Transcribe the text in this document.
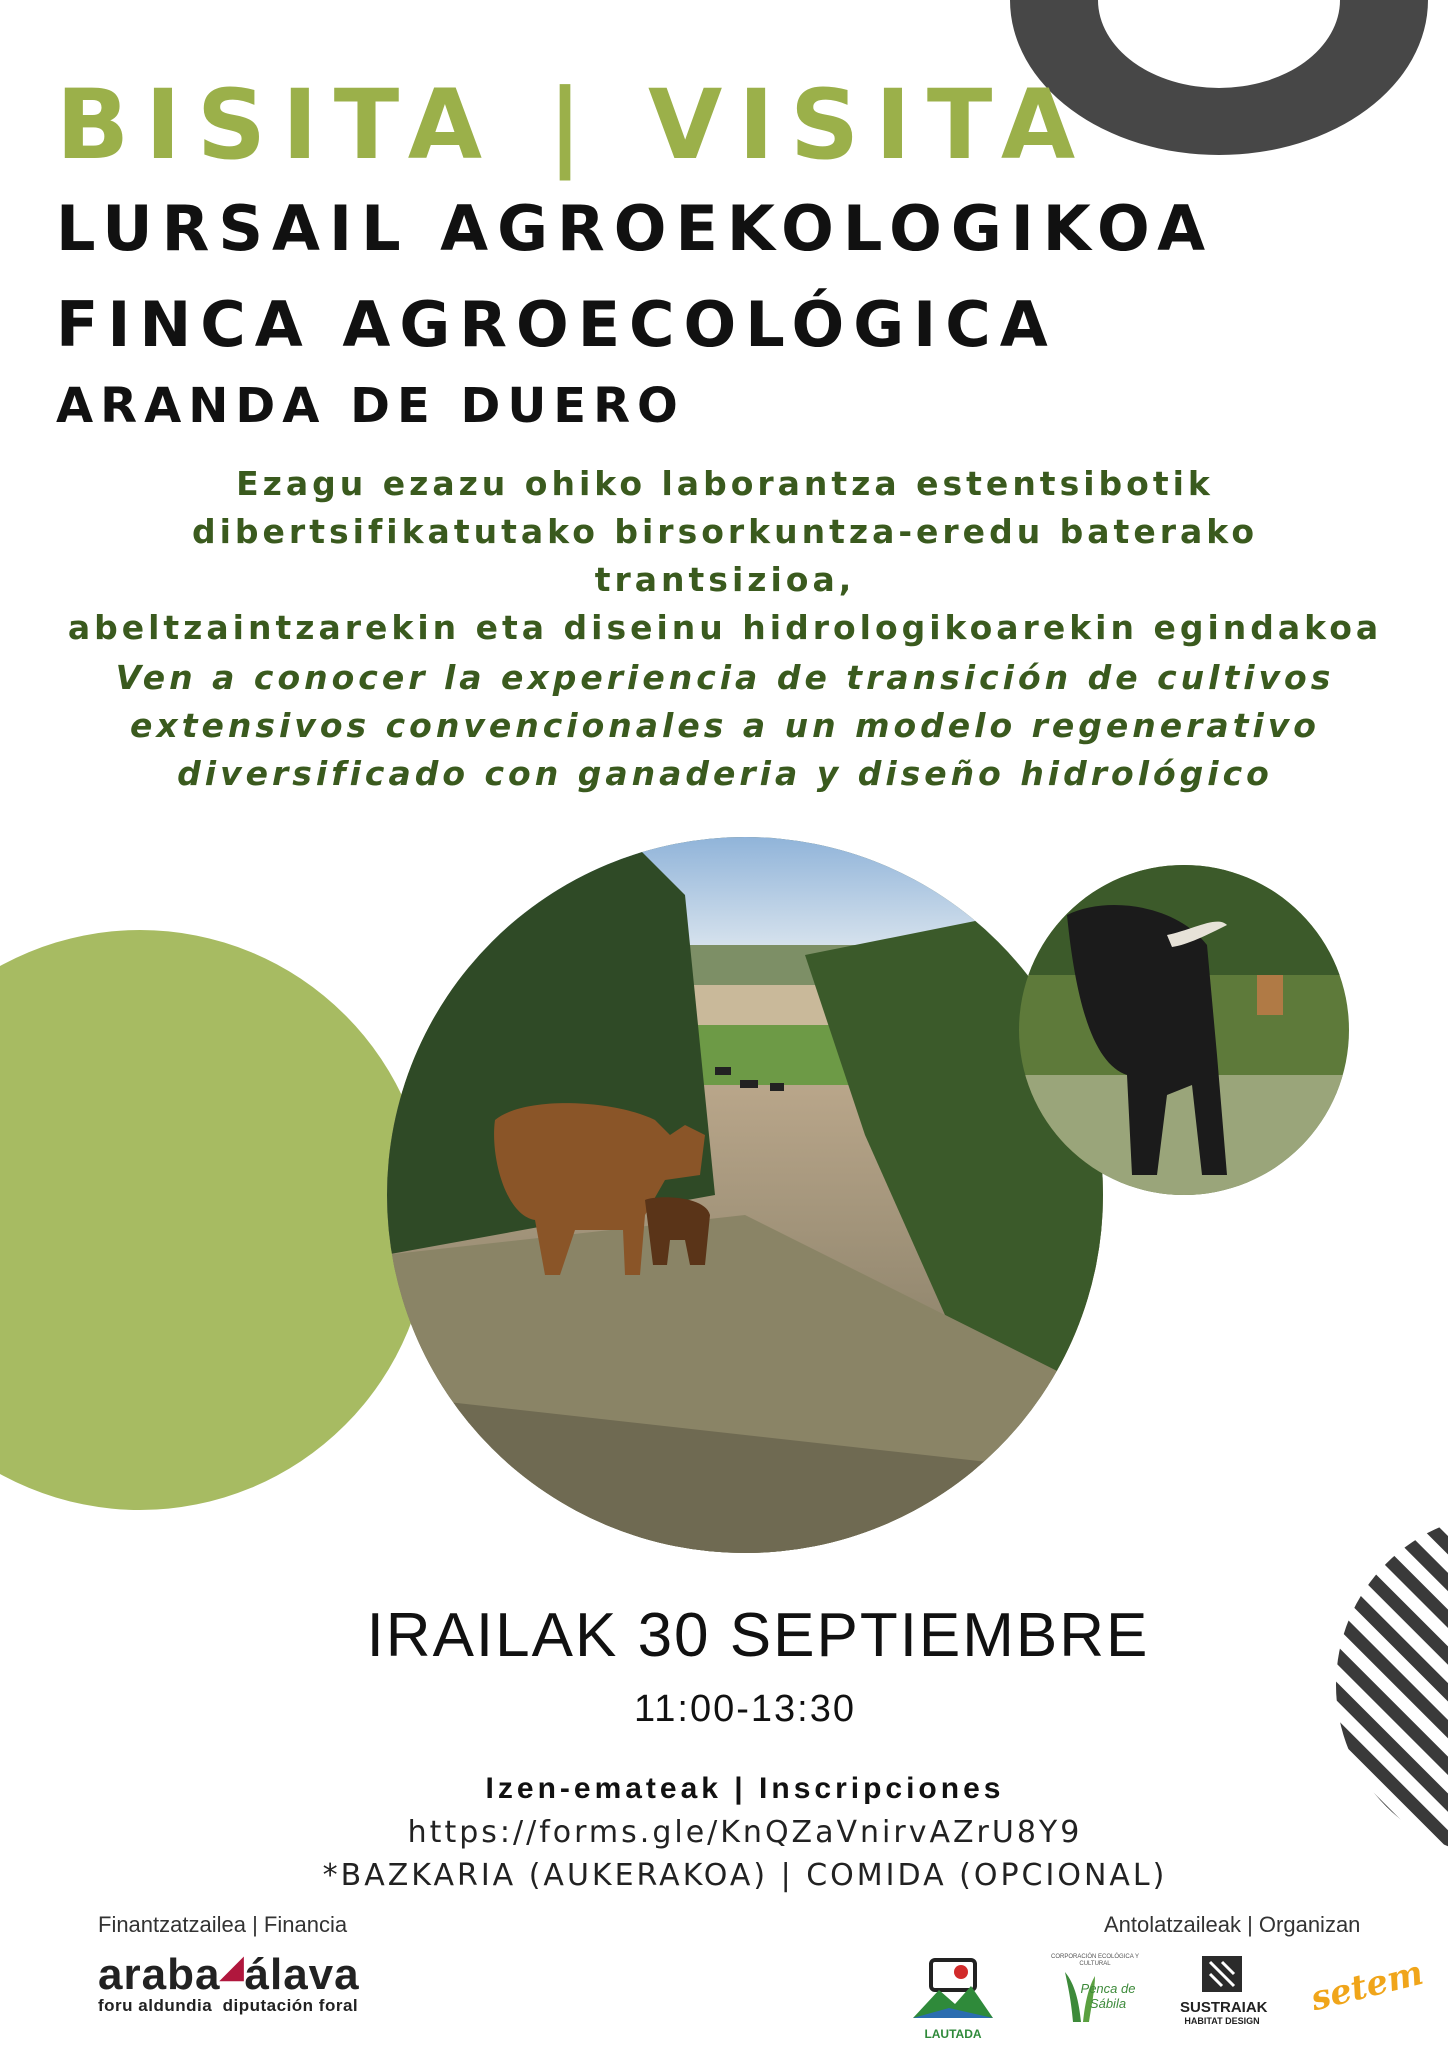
BISITA | VISITA
LURSAIL AGROEKOLOGIKOA
FINCA AGROECOLÓGICA
ARANDA DE DUERO
Ezagu ezazu ohiko laborantza estentsibotik
dibertsifikatutako birsorkuntza-eredu baterako trantsizioa,
abeltzaintzarekin eta diseinu hidrologikoarekin egindakoa
Ven a conocer la experiencia de transición de cultivos
extensivos convencionales a un modelo regenerativo
diversificado con ganaderia y diseño hidrológico
IRAILAK 30 SEPTIEMBRE
11:00-13:30
Izen-emateak | Inscripciones
https://forms.gle/KnQZaVnirvAZrU8Y9
*BAZKARIA (AUKERAKOA) | COMIDA (OPCIONAL)
Finantzatzailea | Financia	Antolatzaileak | Organizan
araba◢álava
foru aldundia diputación foral
LAUTADA
CORPORACIÓN ECOLÓGICA Y CULTURAL
Penca de Sábila	SUSTRAIAK
HABITAT DESIGN
setem
